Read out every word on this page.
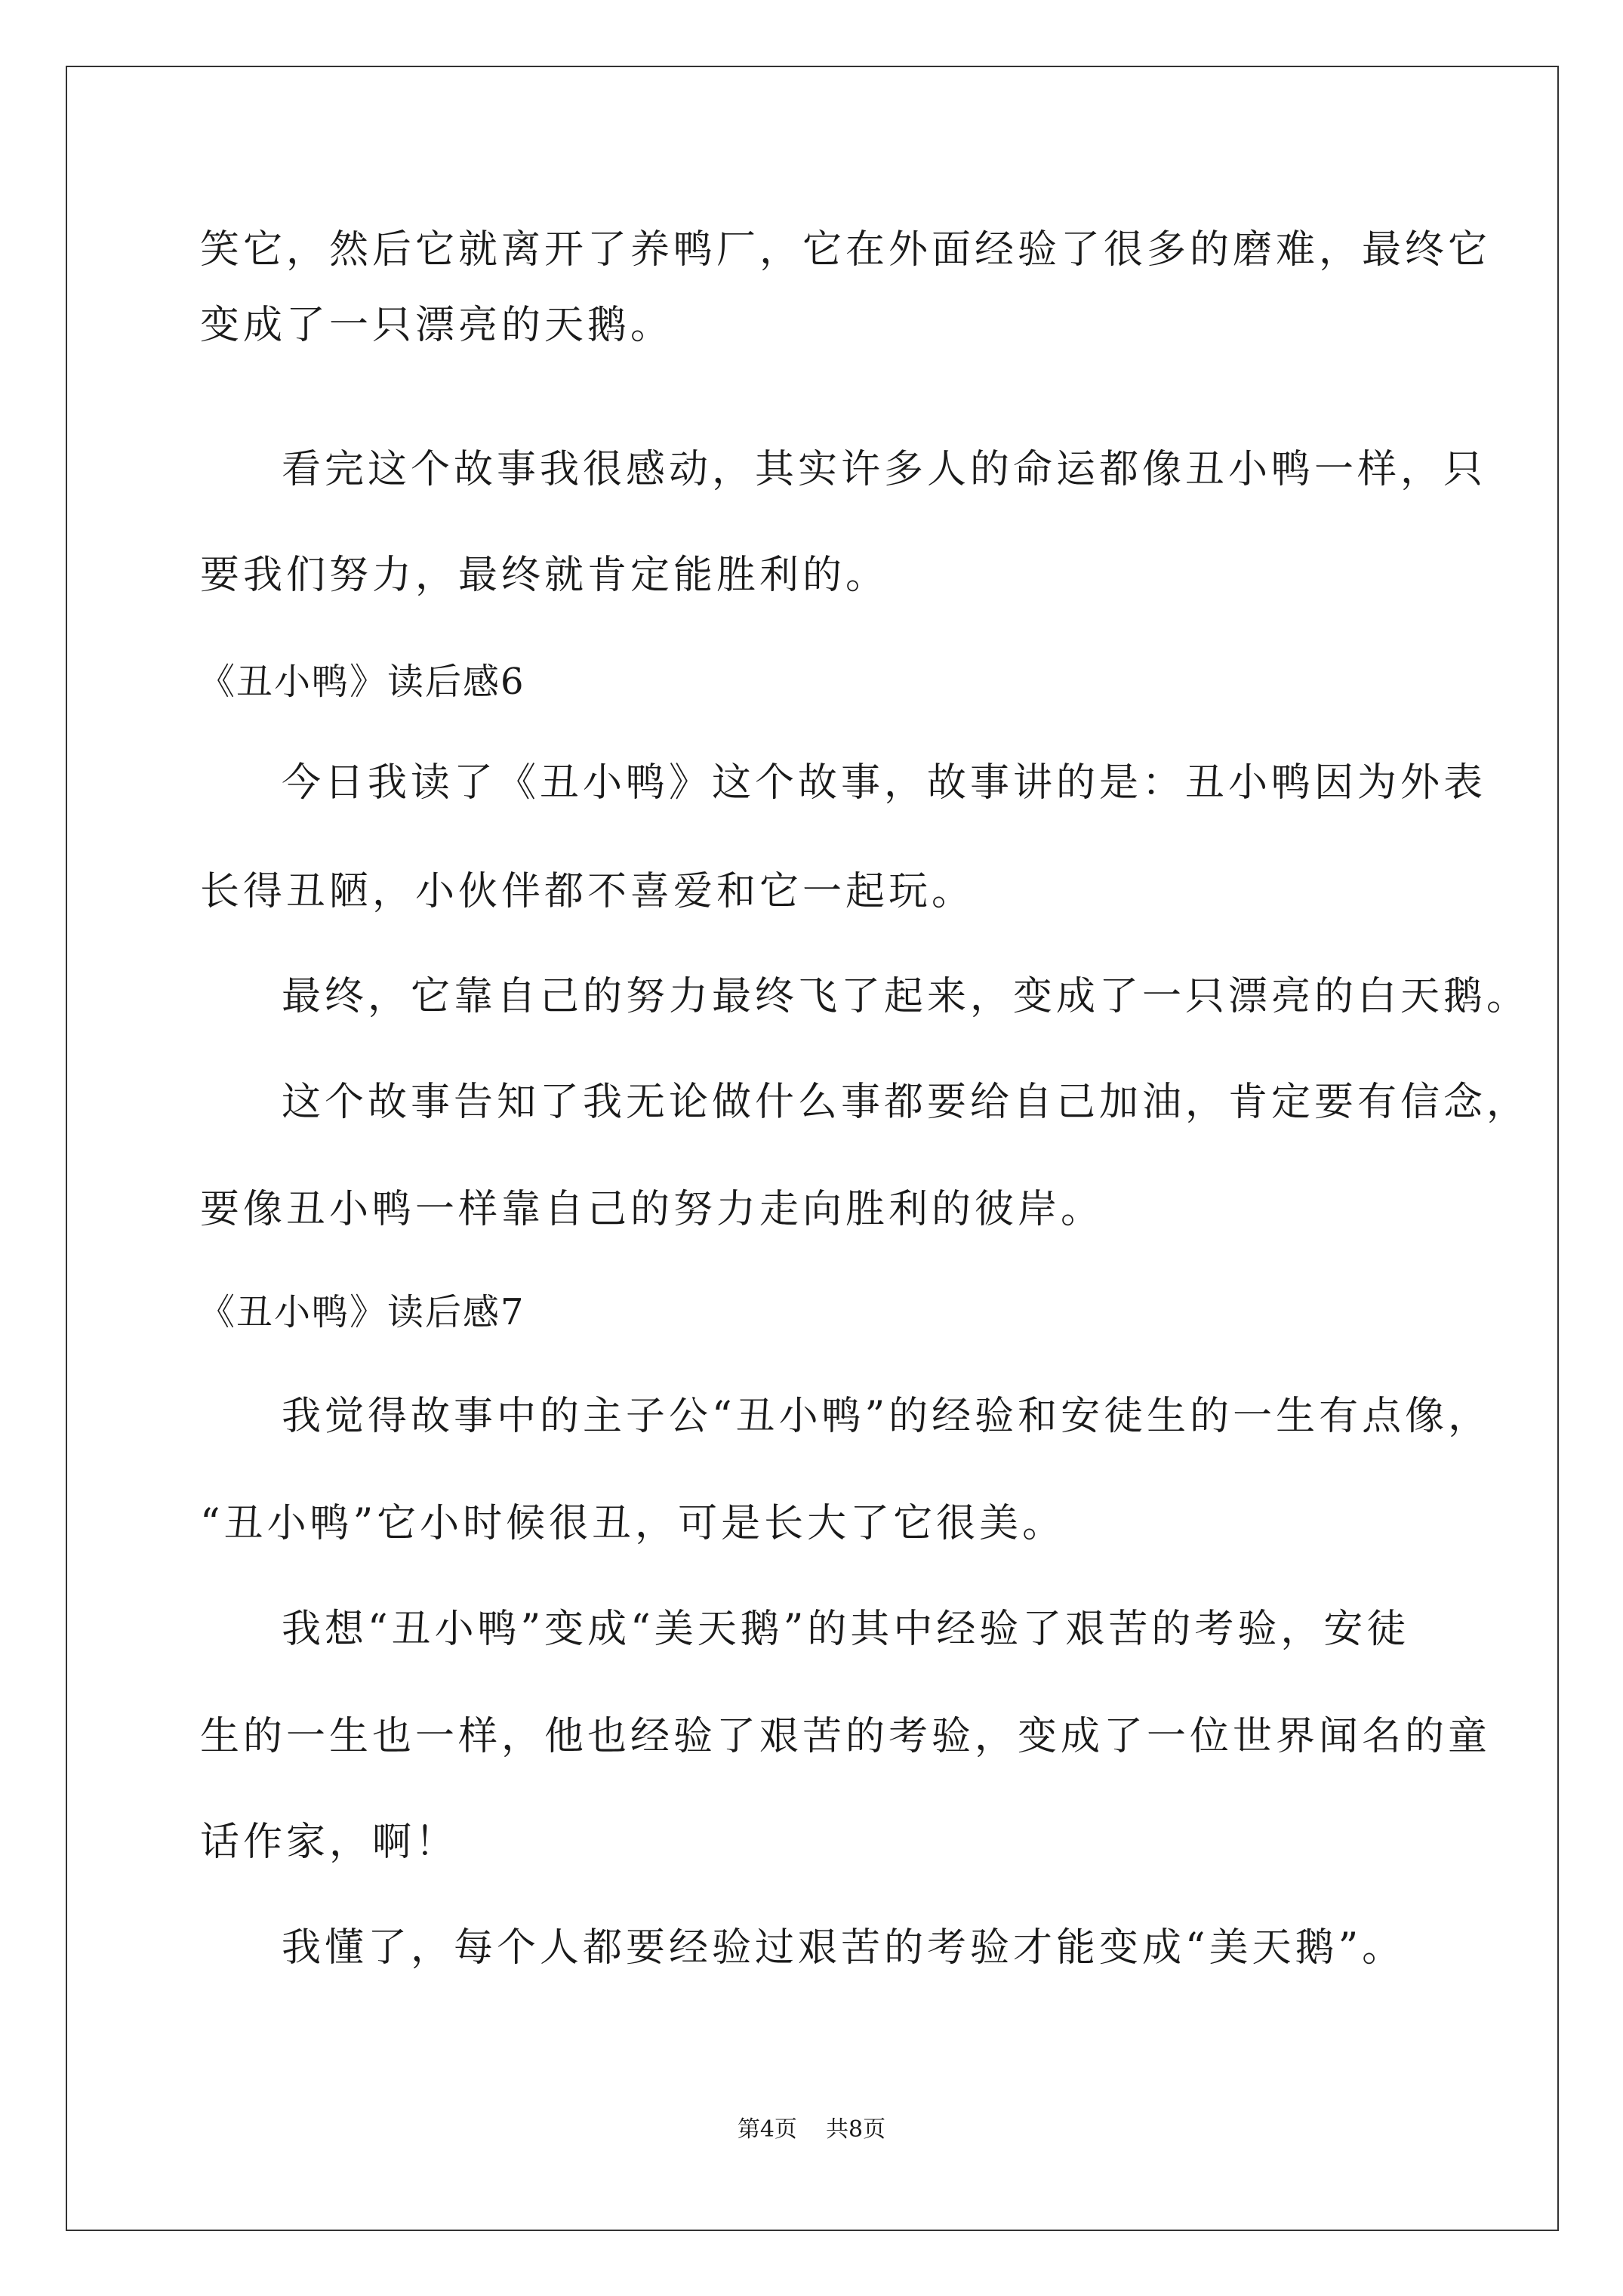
笑它，然后它就离开了养鸭厂，它在外面经验了很多的磨难，最终它
变成了一只漂亮的天鹅。
看完这个故事我很感动，其实许多人的命运都像丑小鸭一样，只
要我们努力，最终就肯定能胜利的。
《丑小鸭》读后感6
今日我读了《丑小鸭》这个故事，故事讲的是：丑小鸭因为外表
长得丑陋，小伙伴都不喜爱和它一起玩。
最终，它靠自己的努力最终飞了起来，变成了一只漂亮的白天鹅。
这个故事告知了我无论做什么事都要给自己加油，肯定要有信念，
要像丑小鸭一样靠自己的努力走向胜利的彼岸。
《丑小鸭》读后感7
我觉得故事中的主子公“丑小鸭”的经验和安徒生的一生有点像，
“丑小鸭”它小时候很丑，可是长大了它很美。
我想“丑小鸭”变成“美天鹅”的其中经验了艰苦的考验，安徒
生的一生也一样，他也经验了艰苦的考验，变成了一位世界闻名的童
话作家，啊！
我懂了，每个人都要经验过艰苦的考验才能变成“美天鹅”。
第4页    共8页
